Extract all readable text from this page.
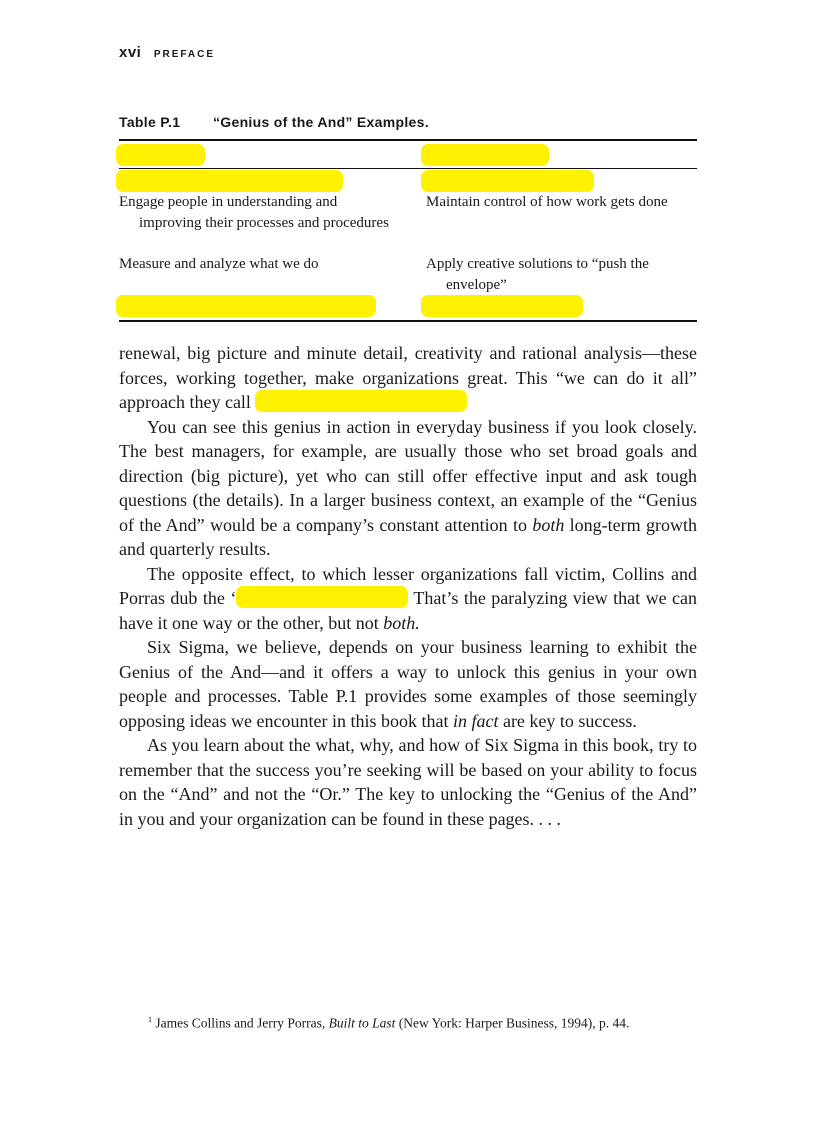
xvi PREFACE
Table P.1 “Genius of the And” Examples.
Engage people in understanding and improving their processes and procedures
Maintain control of how work gets done
Measure and analyze what we do	Apply creative solutions to “push the envelope”

renewal, big picture and minute detail, creativity and rational analysis—these forces, working together, make organizations great. This “we can do it all” approach they call

You can see this genius in action in everyday business if you look closely. The best managers, for example, are usually those who set broad goals and direction (big picture), yet who can still offer effective input and ask tough questions (the details). In a larger business context, an example of the “Genius of the And” would be a company’s constant attention to both long-term growth and quarterly results.

The opposite effect, to which lesser organizations fall victim, Collins and Porras dub the ‘	That’s the paralyzing view that we can have it one way or the other, but not both.

Six Sigma, we believe, depends on your business learning to exhibit the Genius of the And—and it offers a way to unlock this genius in your own people and processes. Table P.1 provides some examples of those seemingly opposing ideas we encounter in this book that in fact are key to success.

As you learn about the what, why, and how of Six Sigma in this book, try to remember that the success you’re seeking will be based on your ability to focus on the “And” and not the “Or.” The key to unlocking the “Genius of the And” in you and your organization can be found in these pages. . . .

$^1$ James Collins and Jerry Porras, Built to Last (New York: Harper Business, 1994), p. 44.
